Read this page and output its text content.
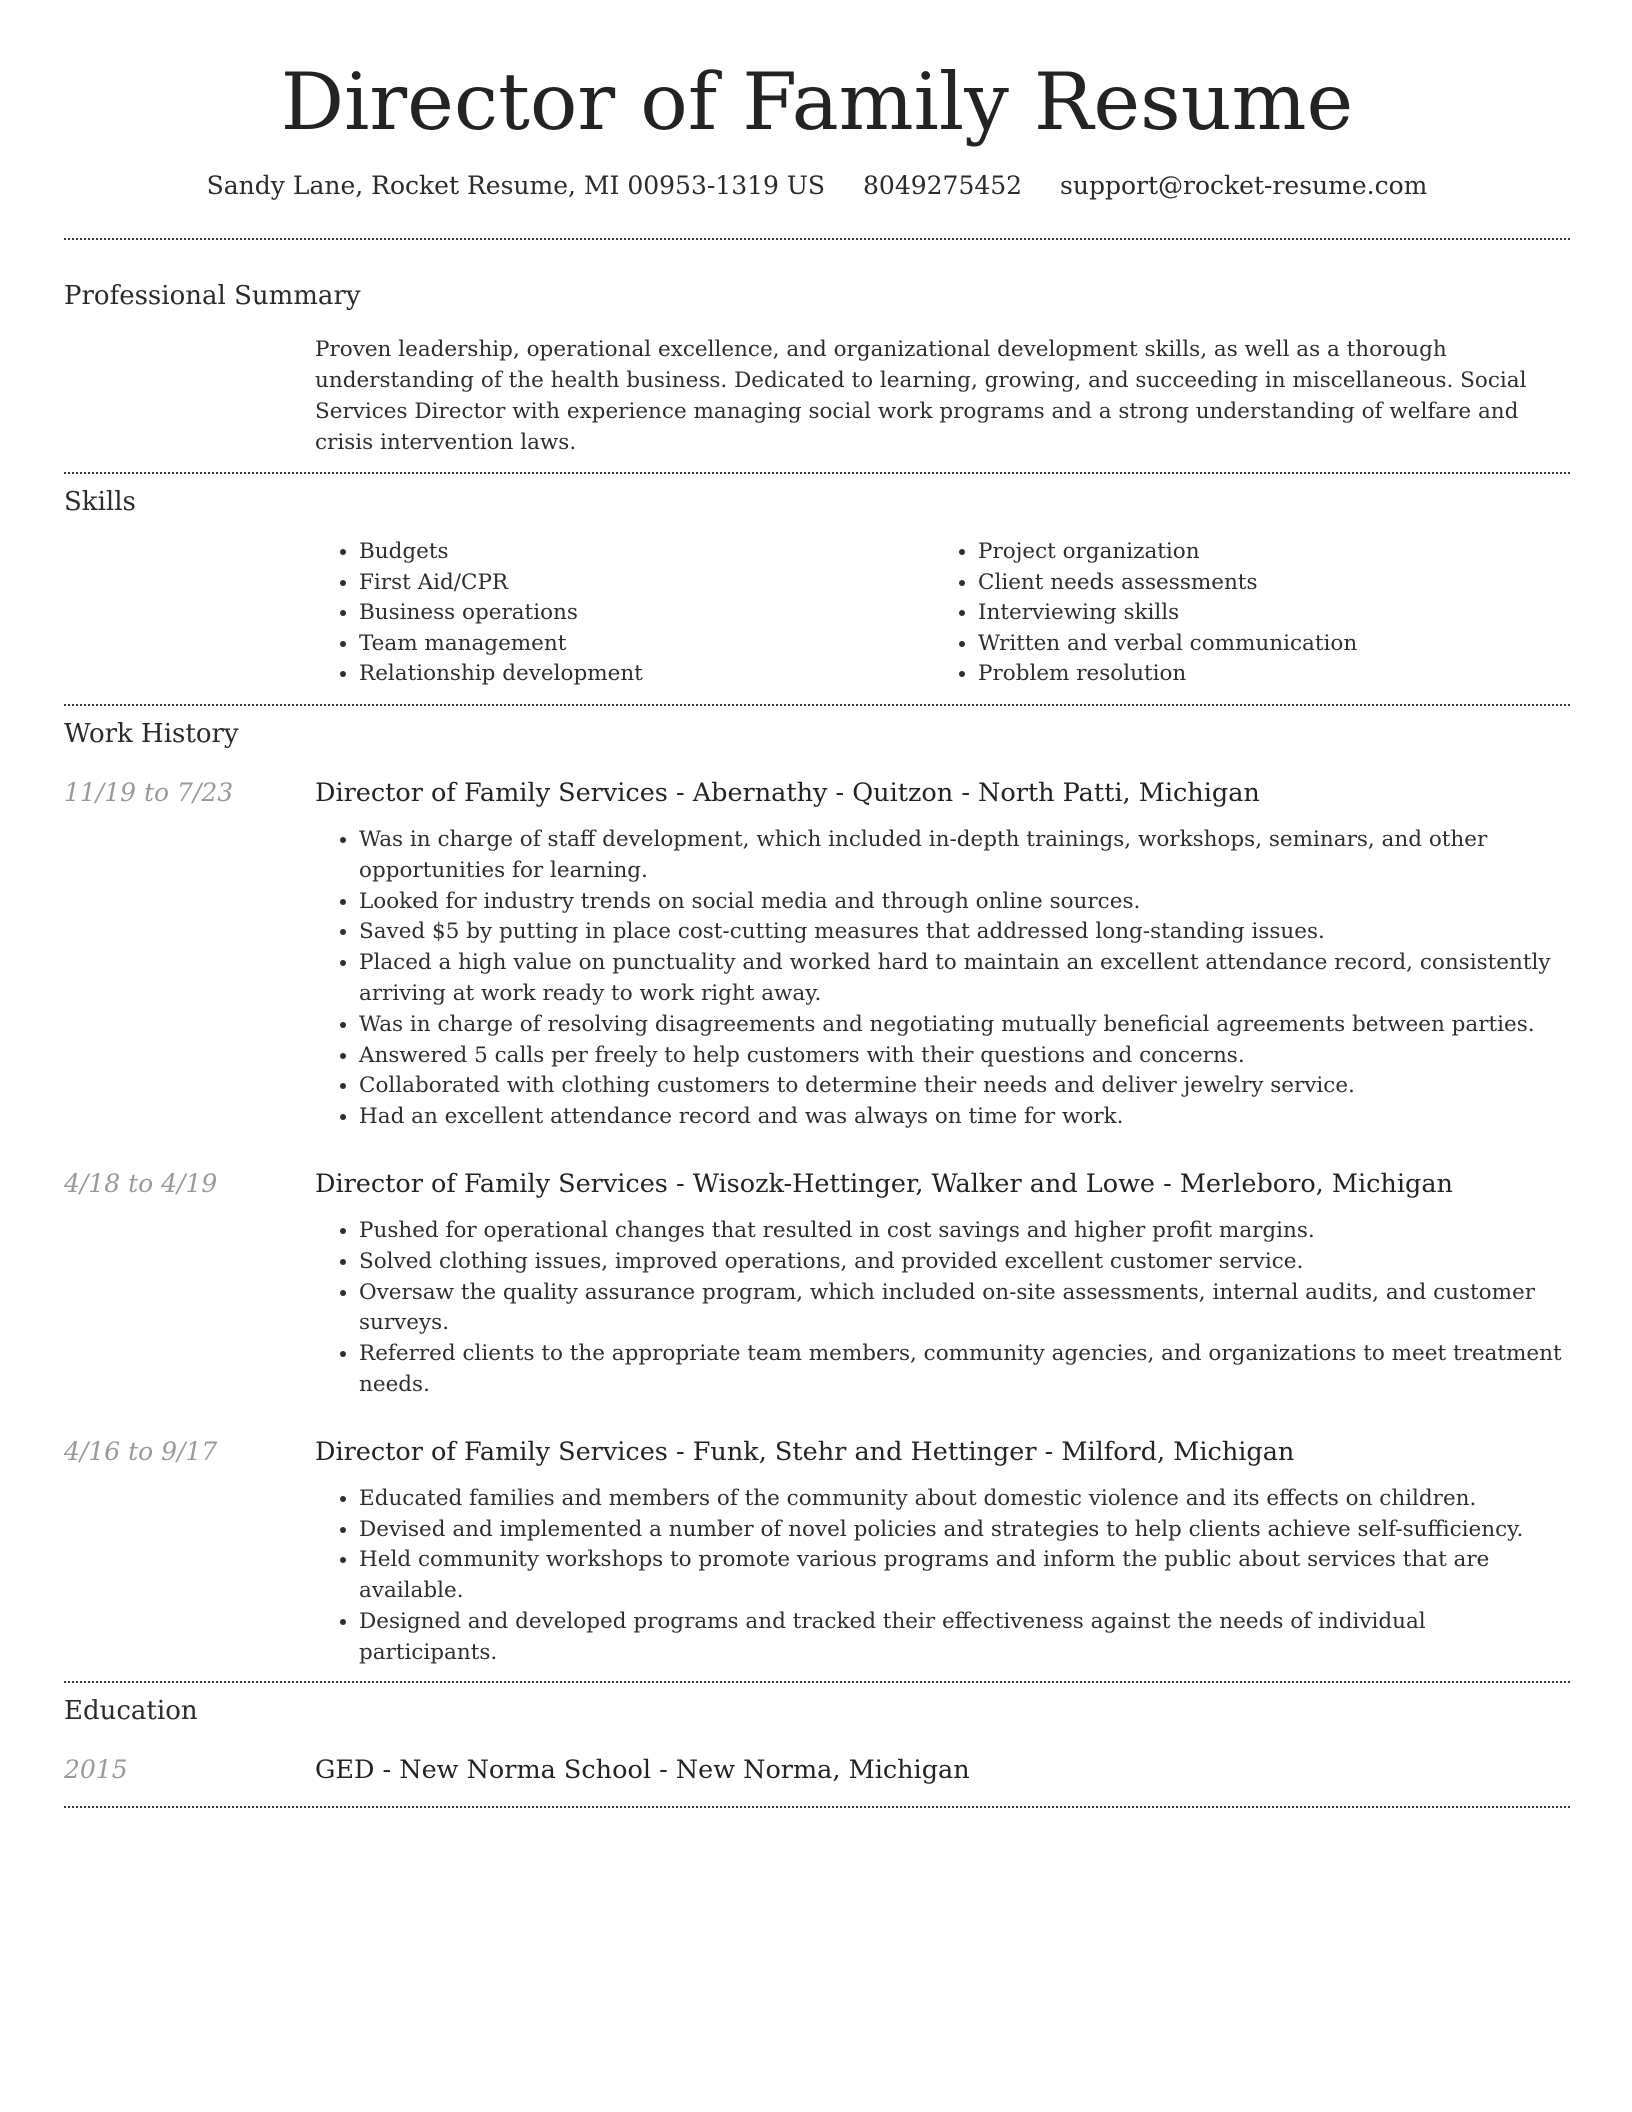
Director of Family Resume
Sandy Lane, Rocket Resume, MI 00953-1319 US 8049275452 support@rocket-resume.com
Professional Summary

Proven leadership, operational excellence, and organizational development skills, as well as a thorough understanding of the health business. Dedicated to learning, growing, and succeeding in miscellaneous. Social Services Director with experience managing social work programs and a strong understanding of welfare and crisis intervention laws.

Skills
• Budgets
• First Aid/CPR
• Business operations
• Team management
• Relationship development
• Project organization
• Client needs assessments
• Interviewing skills
• Written and verbal communication
• Problem resolution
Work History
11/19 to 7/23	Director of Family Services - Abernathy - Quitzon - North Patti, Michigan
• Was in charge of staff development, which included in-depth trainings, workshops, seminars, and other opportunities for learning.
• Looked for industry trends on social media and through online sources.
• Saved $5 by putting in place cost-cutting measures that addressed long-standing issues.
• Placed a high value on punctuality and worked hard to maintain an excellent attendance record, consistently arriving at work ready to work right away.
• Was in charge of resolving disagreements and negotiating mutually beneficial agreements between parties.
• Answered 5 calls per freely to help customers with their questions and concerns.
• Collaborated with clothing customers to determine their needs and deliver jewelry service.
• Had an excellent attendance record and was always on time for work.
4/18 to 4/19	Director of Family Services - Wisozk-Hettinger, Walker and Lowe - Merleboro, Michigan
• Pushed for operational changes that resulted in cost savings and higher profit margins.
• Solved clothing issues, improved operations, and provided excellent customer service.
• Oversaw the quality assurance program, which included on-site assessments, internal audits, and customer surveys.
• Referred clients to the appropriate team members, community agencies, and organizations to meet treatment needs.
4/16 to 9/17	Director of Family Services - Funk, Stehr and Hettinger - Milford, Michigan
• Educated families and members of the community about domestic violence and its effects on children.
• Devised and implemented a number of novel policies and strategies to help clients achieve self-sufficiency.
• Held community workshops to promote various programs and inform the public about services that are available.
• Designed and developed programs and tracked their effectiveness against the needs of individual participants.
Education
2015	GED - New Norma School - New Norma, Michigan
